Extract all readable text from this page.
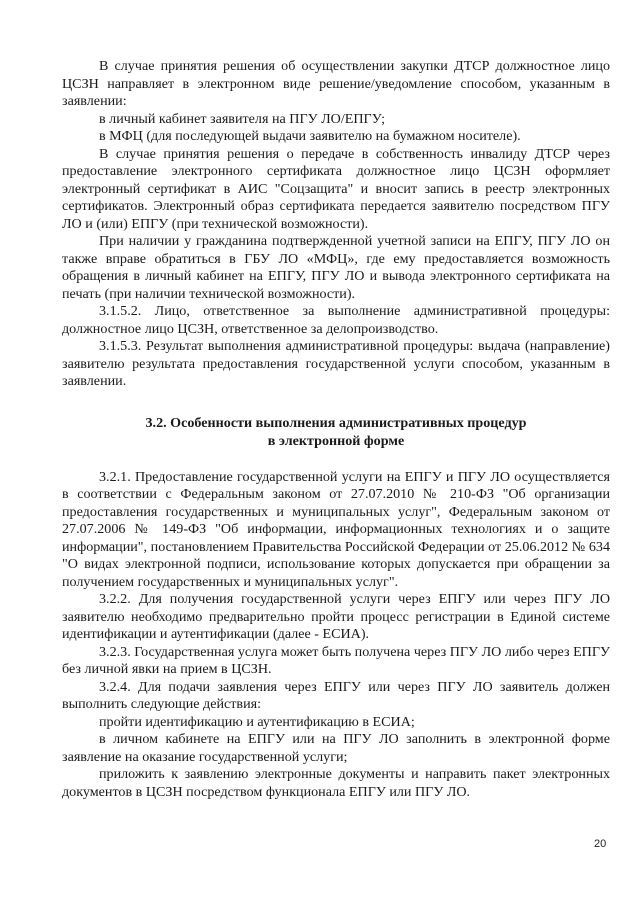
В случае принятия решения об осуществлении закупки ДТСР должностное лицо ЦСЗН направляет в электронном виде решение/уведомление способом, указанным в заявлении:

в личный кабинет заявителя на ПГУ ЛО/ЕПГУ;

в МФЦ (для последующей выдачи заявителю на бумажном носителе).

В случае принятия решения о передаче в собственность инвалиду ДТСР через предоставление электронного сертификата должностное лицо ЦСЗН оформляет электронный сертификат в АИС "Соцзащита" и вносит запись в реестр электронных сертификатов. Электронный образ сертификата передается заявителю посредством ПГУ ЛО и (или) ЕПГУ (при технической возможности).

При наличии у гражданина подтвержденной учетной записи на ЕПГУ, ПГУ ЛО он также вправе обратиться в ГБУ ЛО «МФЦ», где ему предоставляется возможность обращения в личный кабинет на ЕПГУ, ПГУ ЛО и вывода электронного сертификата на печать (при наличии технической возможности).

3.1.5.2. Лицо, ответственное за выполнение административной процедуры: должностное лицо ЦСЗН, ответственное за делопроизводство.

3.1.5.3. Результат выполнения административной процедуры: выдача (направление) заявителю результата предоставления государственной услуги способом, указанным в заявлении.

3.2. Особенности выполнения административных процедур
в электронной форме

3.2.1. Предоставление государственной услуги на ЕПГУ и ПГУ ЛО осуществляется в соответствии с Федеральным законом от 27.07.2010 № 210-ФЗ "Об организации предоставления государственных и муниципальных услуг", Федеральным законом от 27.07.2006 № 149-ФЗ "Об информации, информационных технологиях и о защите информации", постановлением Правительства Российской Федерации от 25.06.2012 № 634 "О видах электронной подписи, использование которых допускается при обращении за получением государственных и муниципальных услуг".

3.2.2. Для получения государственной услуги через ЕПГУ или через ПГУ ЛО заявителю необходимо предварительно пройти процесс регистрации в Единой системе идентификации и аутентификации (далее - ЕСИА).

3.2.3. Государственная услуга может быть получена через ПГУ ЛО либо через ЕПГУ без личной явки на прием в ЦСЗН.

3.2.4. Для подачи заявления через ЕПГУ или через ПГУ ЛО заявитель должен выполнить следующие действия:

пройти идентификацию и аутентификацию в ЕСИА;

в личном кабинете на ЕПГУ или на ПГУ ЛО заполнить в электронной форме заявление на оказание государственной услуги;

приложить к заявлению электронные документы и направить пакет электронных документов в ЦСЗН посредством функционала ЕПГУ или ПГУ ЛО.

20
